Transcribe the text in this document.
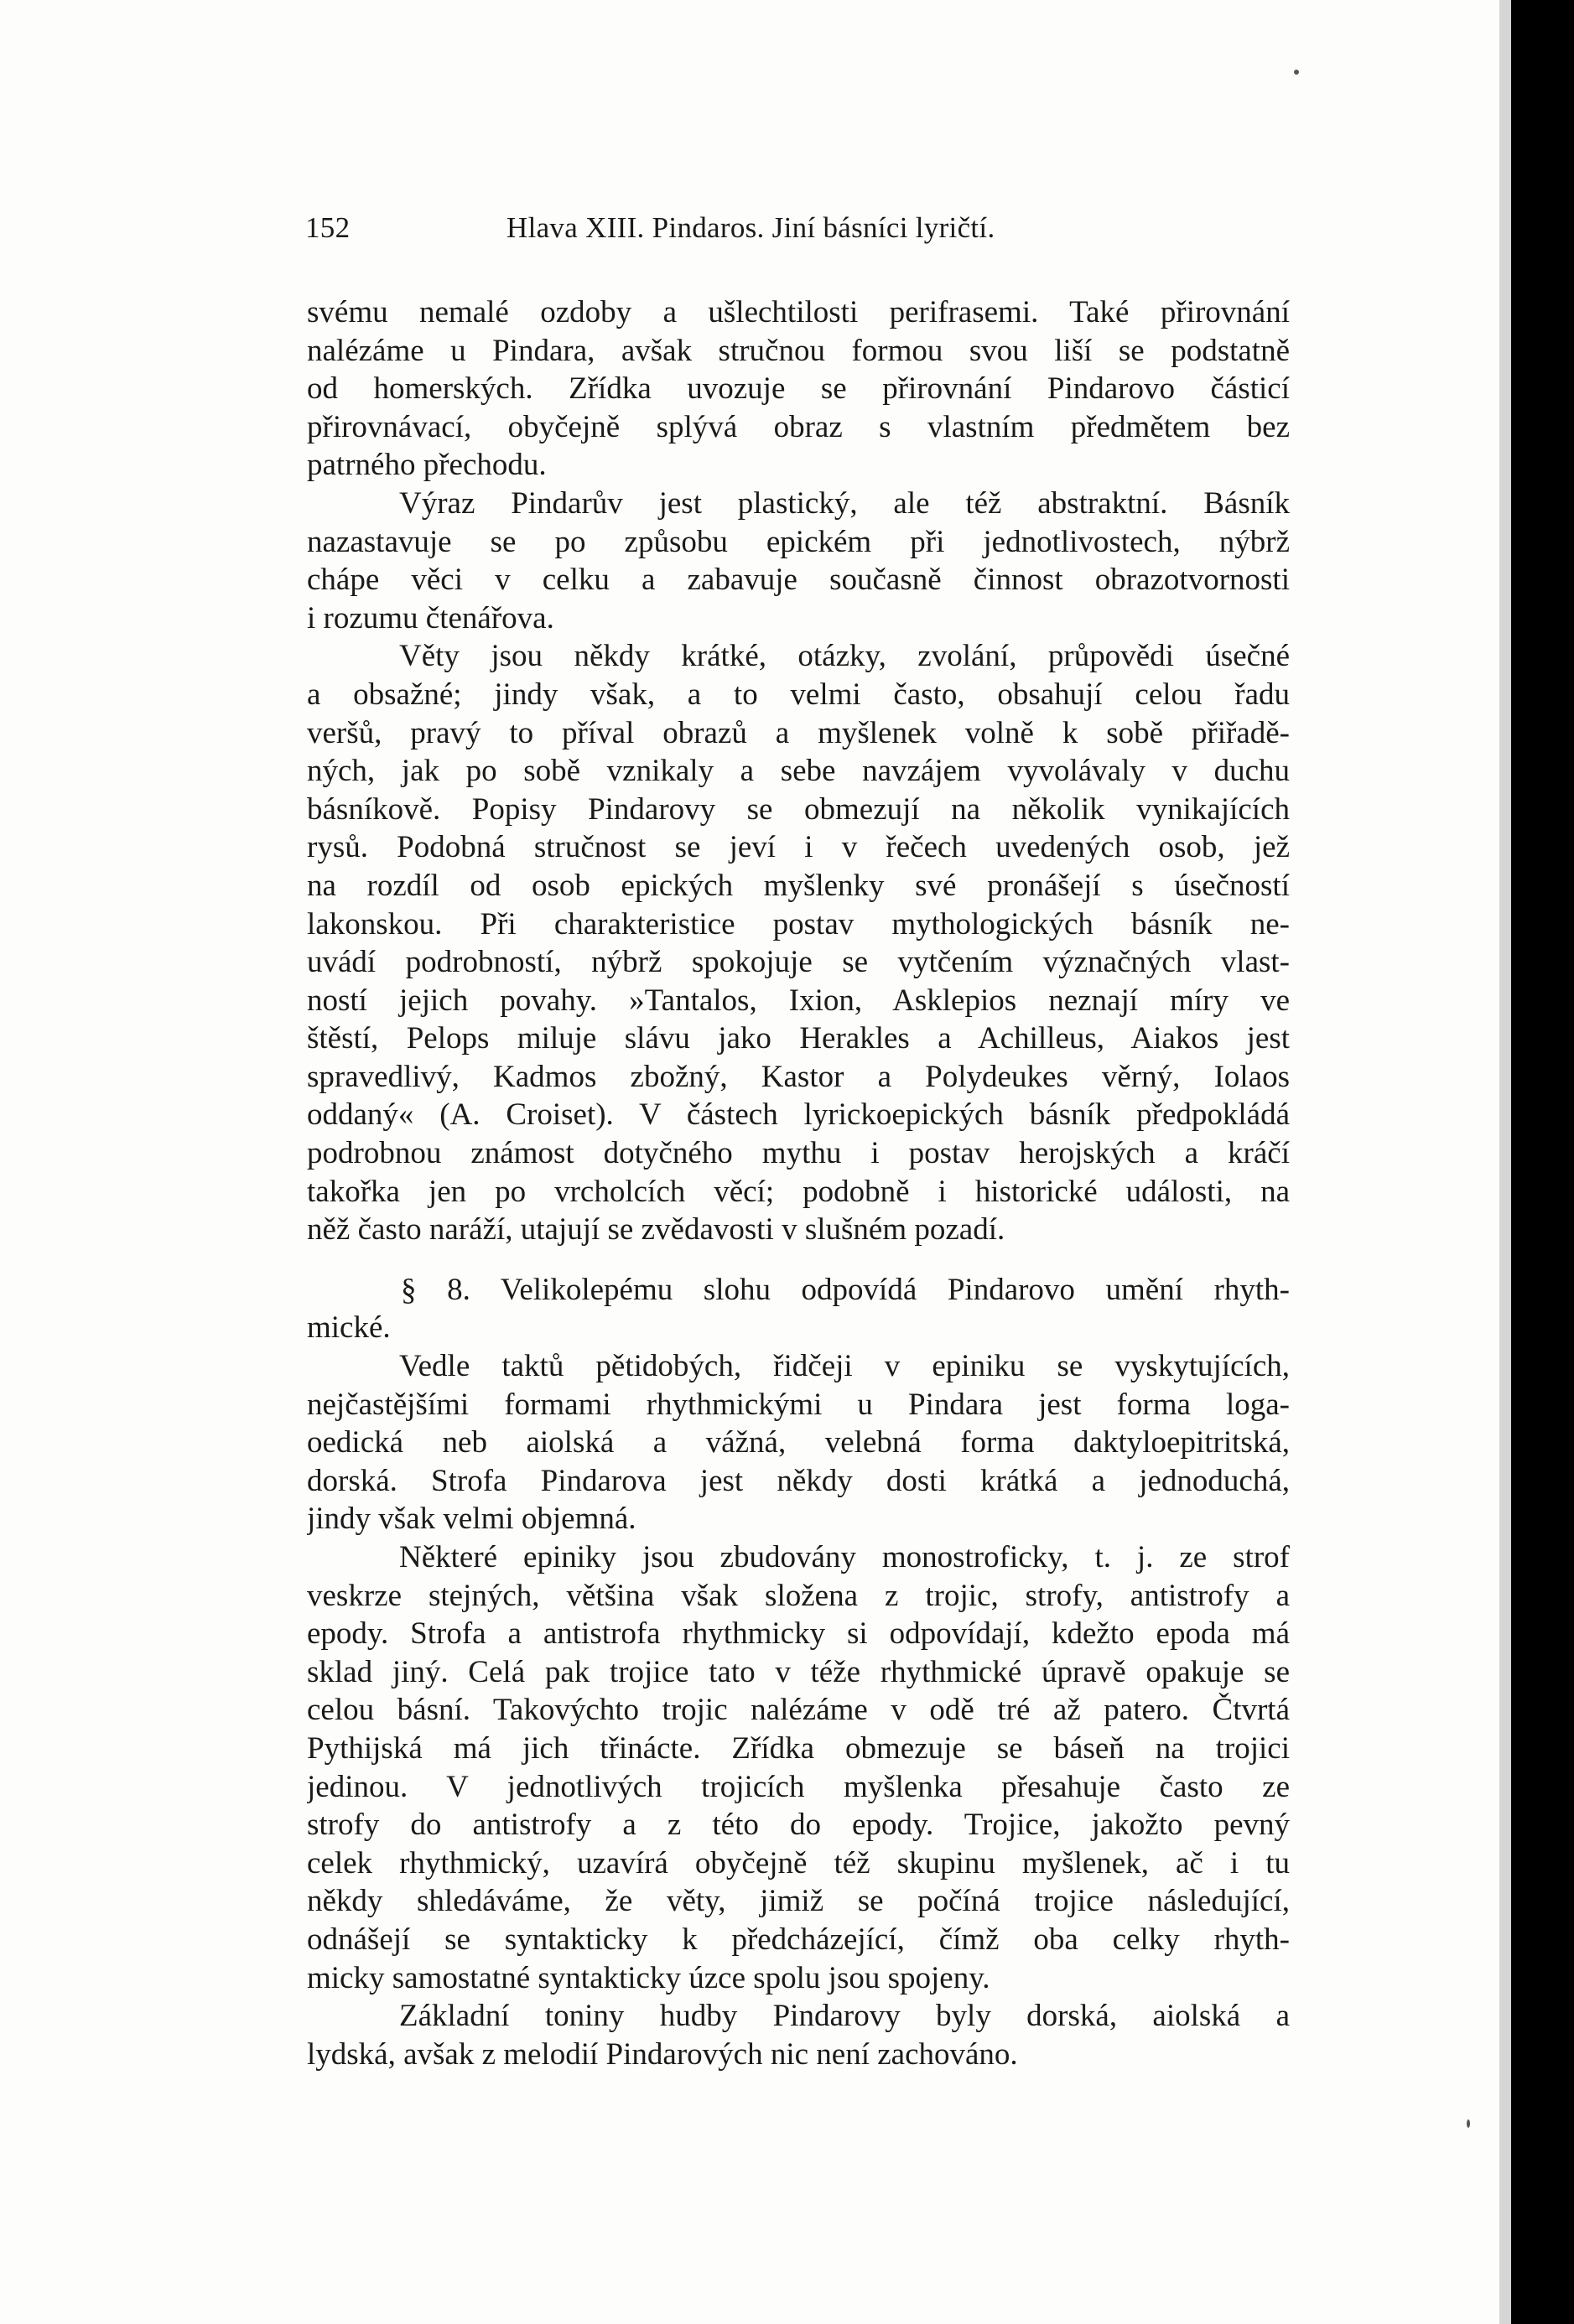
152	Hlava XIII. Pindaros. Jiní básníci lyričtí.
svému nemalé ozdoby a ušlechtilosti perifrasemi. Také přirovnání
nalézáme u Pindara, avšak stručnou formou svou liší se podstatně
od homerských. Zřídka uvozuje se přirovnání Pindarovo částicí
přirovnávací, obyčejně splývá obraz s vlastním předmětem bez
patrného přechodu.
Výraz Pindarův jest plastický, ale též abstraktní. Básník
nazastavuje se po způsobu epickém při jednotlivostech, nýbrž
chápe věci v celku a zabavuje současně činnost obrazotvornosti
i rozumu čtenářova.
Věty jsou někdy krátké, otázky, zvolání, průpovědi úsečné
a obsažné; jindy však, a to velmi často, obsahují celou řadu
veršů, pravý to příval obrazů a myšlenek volně k sobě přiřadě-
ných, jak po sobě vznikaly a sebe navzájem vyvolávaly v duchu
básníkově. Popisy Pindarovy se obmezují na několik vynikajících
rysů. Podobná stručnost se jeví i v řečech uvedených osob, jež
na rozdíl od osob epických myšlenky své pronášejí s úsečností
lakonskou. Při charakteristice postav mythologických básník ne-
uvádí podrobností, nýbrž spokojuje se vytčením význačných vlast-
ností jejich povahy. »Tantalos, Ixion, Asklepios neznají míry ve
štěstí, Pelops miluje slávu jako Herakles a Achilleus, Aiakos jest
spravedlivý, Kadmos zbožný, Kastor a Polydeukes věrný, Iolaos
oddaný« (A. Croiset). V částech lyrickoepických básník předpokládá
podrobnou známost dotyčného mythu i postav herojských a kráčí
takořka jen po vrcholcích věcí; podobně i historické události, na
něž často naráží, utajují se zvědavosti v slušném pozadí.
§ 8. Velikolepému slohu odpovídá Pindarovo umění rhyth-
mické.
Vedle taktů pětidobých, řidčeji v epiniku se vyskytujících,
nejčastějšími formami rhythmickými u Pindara jest forma loga-
oedická neb aiolská a vážná, velebná forma daktyloepitritská,
dorská. Strofa Pindarova jest někdy dosti krátká a jednoduchá,
jindy však velmi objemná.
Některé epiniky jsou zbudovány monostroficky, t. j. ze strof
veskrze stejných, většina však složena z trojic, strofy, antistrofy a
epody. Strofa a antistrofa rhythmicky si odpovídají, kdežto epoda má
sklad jiný. Celá pak trojice tato v téže rhythmické úpravě opakuje se
celou básní. Takovýchto trojic nalézáme v odě tré až patero. Čtvrtá
Pythijská má jich třinácte. Zřídka obmezuje se báseň na trojici
jedinou. V jednotlivých trojicích myšlenka přesahuje často ze
strofy do antistrofy a z této do epody. Trojice, jakožto pevný
celek rhythmický, uzavírá obyčejně též skupinu myšlenek, ač i tu
někdy shledáváme, že věty, jimiž se počíná trojice následující,
odnášejí se syntakticky k předcházející, čímž oba celky rhyth-
micky samostatné syntakticky úzce spolu jsou spojeny.
Základní toniny hudby Pindarovy byly dorská, aiolská a
lydská, avšak z melodií Pindarových nic není zachováno.
